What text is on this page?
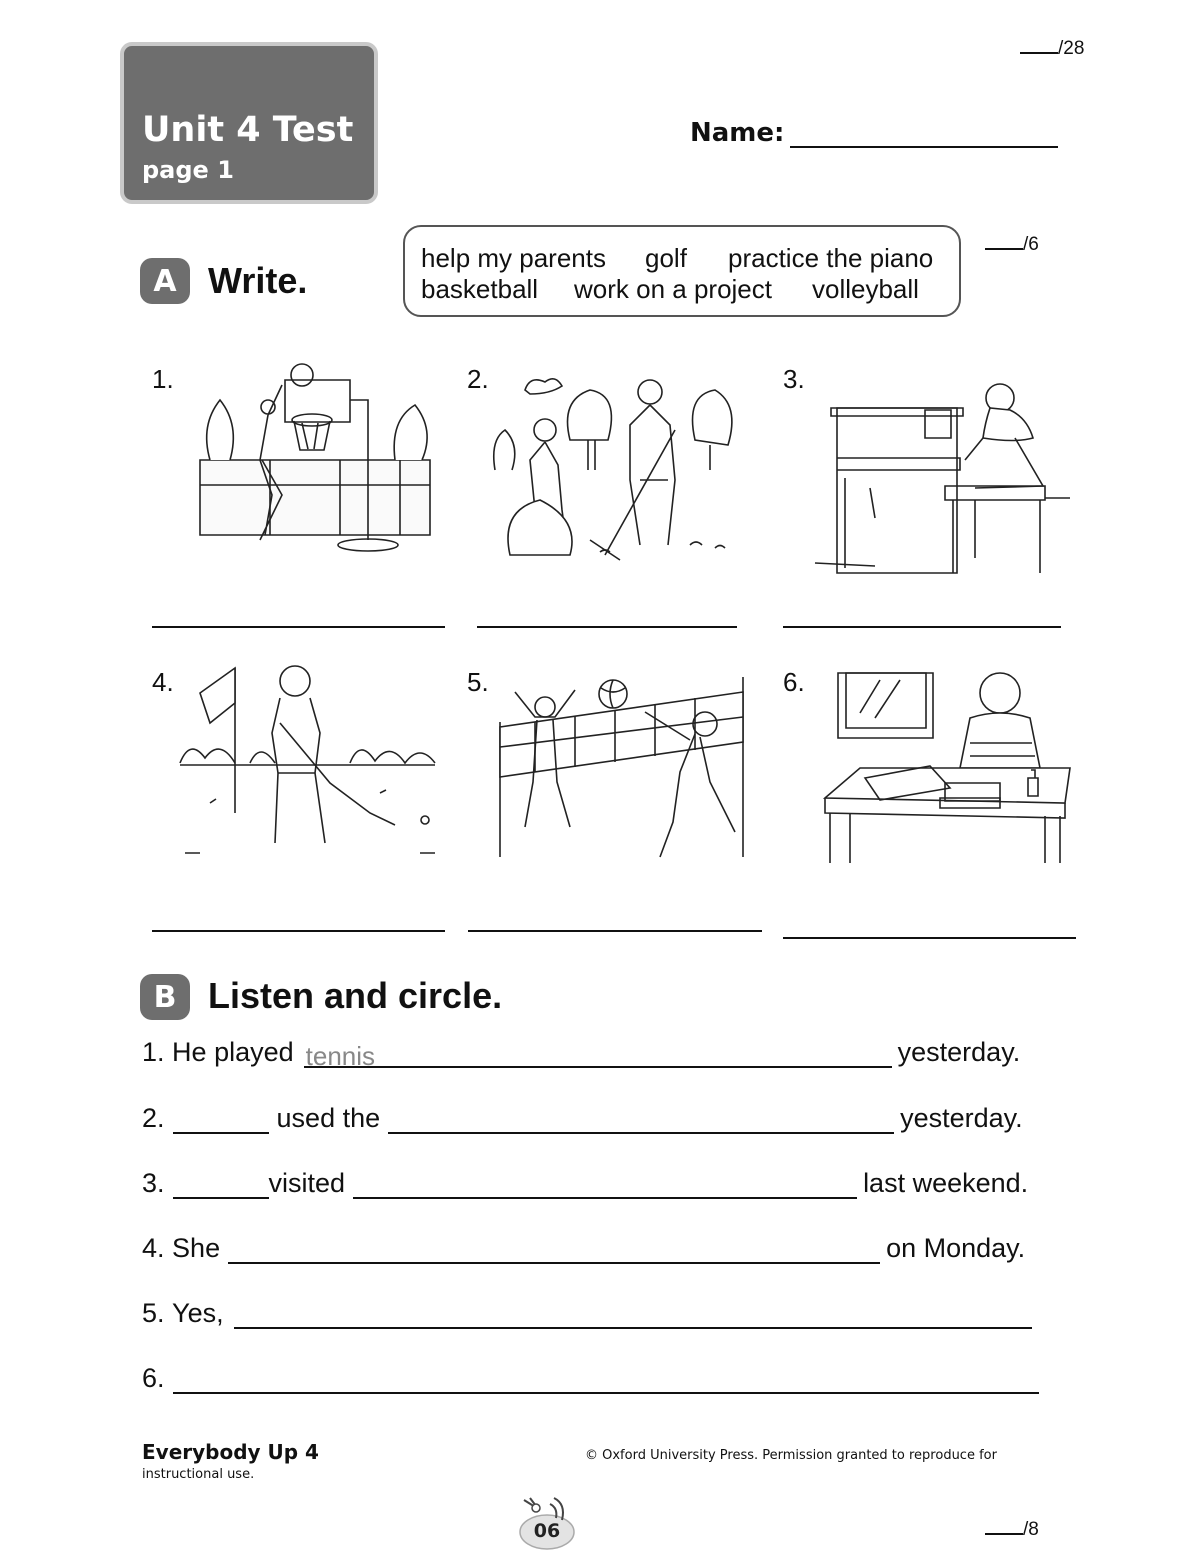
Unit 4 Test
page 1
/28
Name:
A Write.
help my parents golf practice the piano
basketball work on a project volleyball
/6
1.	2.	3.
4.	5.	6.
B Listen and circle.
1.
He played tennis	yesterday.
2.	used the	yesterday.
3.	visited	last weekend.
4.
She	on Monday.
5.
Yes,
6.
Everybody Up 4
instructional use.
© Oxford University Press. Permission granted to reproduce for
06	/8
